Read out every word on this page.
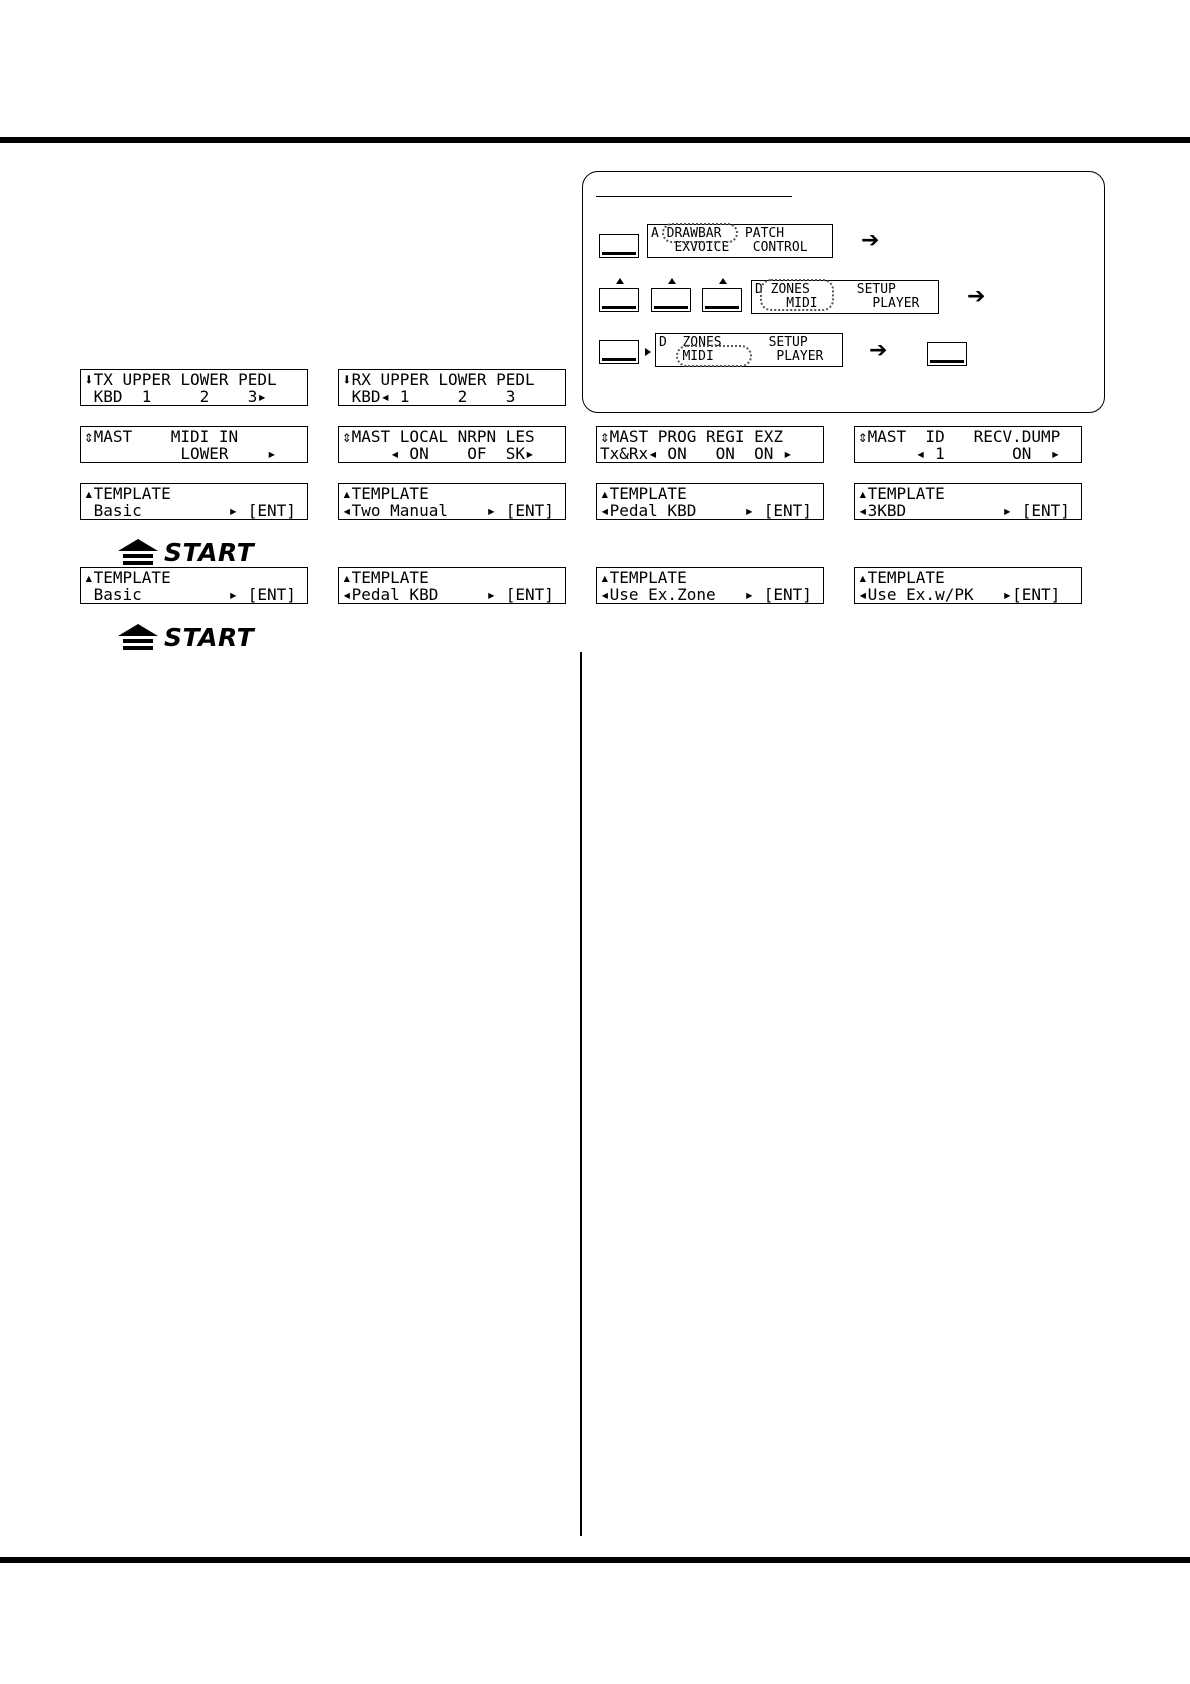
A DRAWBAR   PATCH
EXVOICE   CONTROL	➔
D ZONES      SETUP
MIDI       PLAYER	➔
D  ZONES      SETUP
MIDI        PLAYER	➔
⬇TX UPPER LOWER PEDL
KBD  1     2    3▸
⬇RX UPPER LOWER PEDL
KBD◂ 1     2    3
⇕MAST    MIDI IN
LOWER    ▸
⇕MAST LOCAL NRPN LES
◂ ON    OF  SK▸
⇕MAST PROG REGI EXZ
Tx&Rx◂ ON   ON  ON ▸
⇕MAST  ID   RECV.DUMP
◂ 1       ON  ▸
▴TEMPLATE
Basic         ▸ [ENT]
▴TEMPLATE
◂Two Manual    ▸ [ENT]
▴TEMPLATE
◂Pedal KBD     ▸ [ENT]
▴TEMPLATE
◂3KBD          ▸ [ENT]
START
▴TEMPLATE
Basic         ▸ [ENT]
▴TEMPLATE
◂Pedal KBD     ▸ [ENT]
▴TEMPLATE
◂Use Ex.Zone   ▸ [ENT]
▴TEMPLATE
◂Use Ex.w/PK   ▸[ENT]
START
